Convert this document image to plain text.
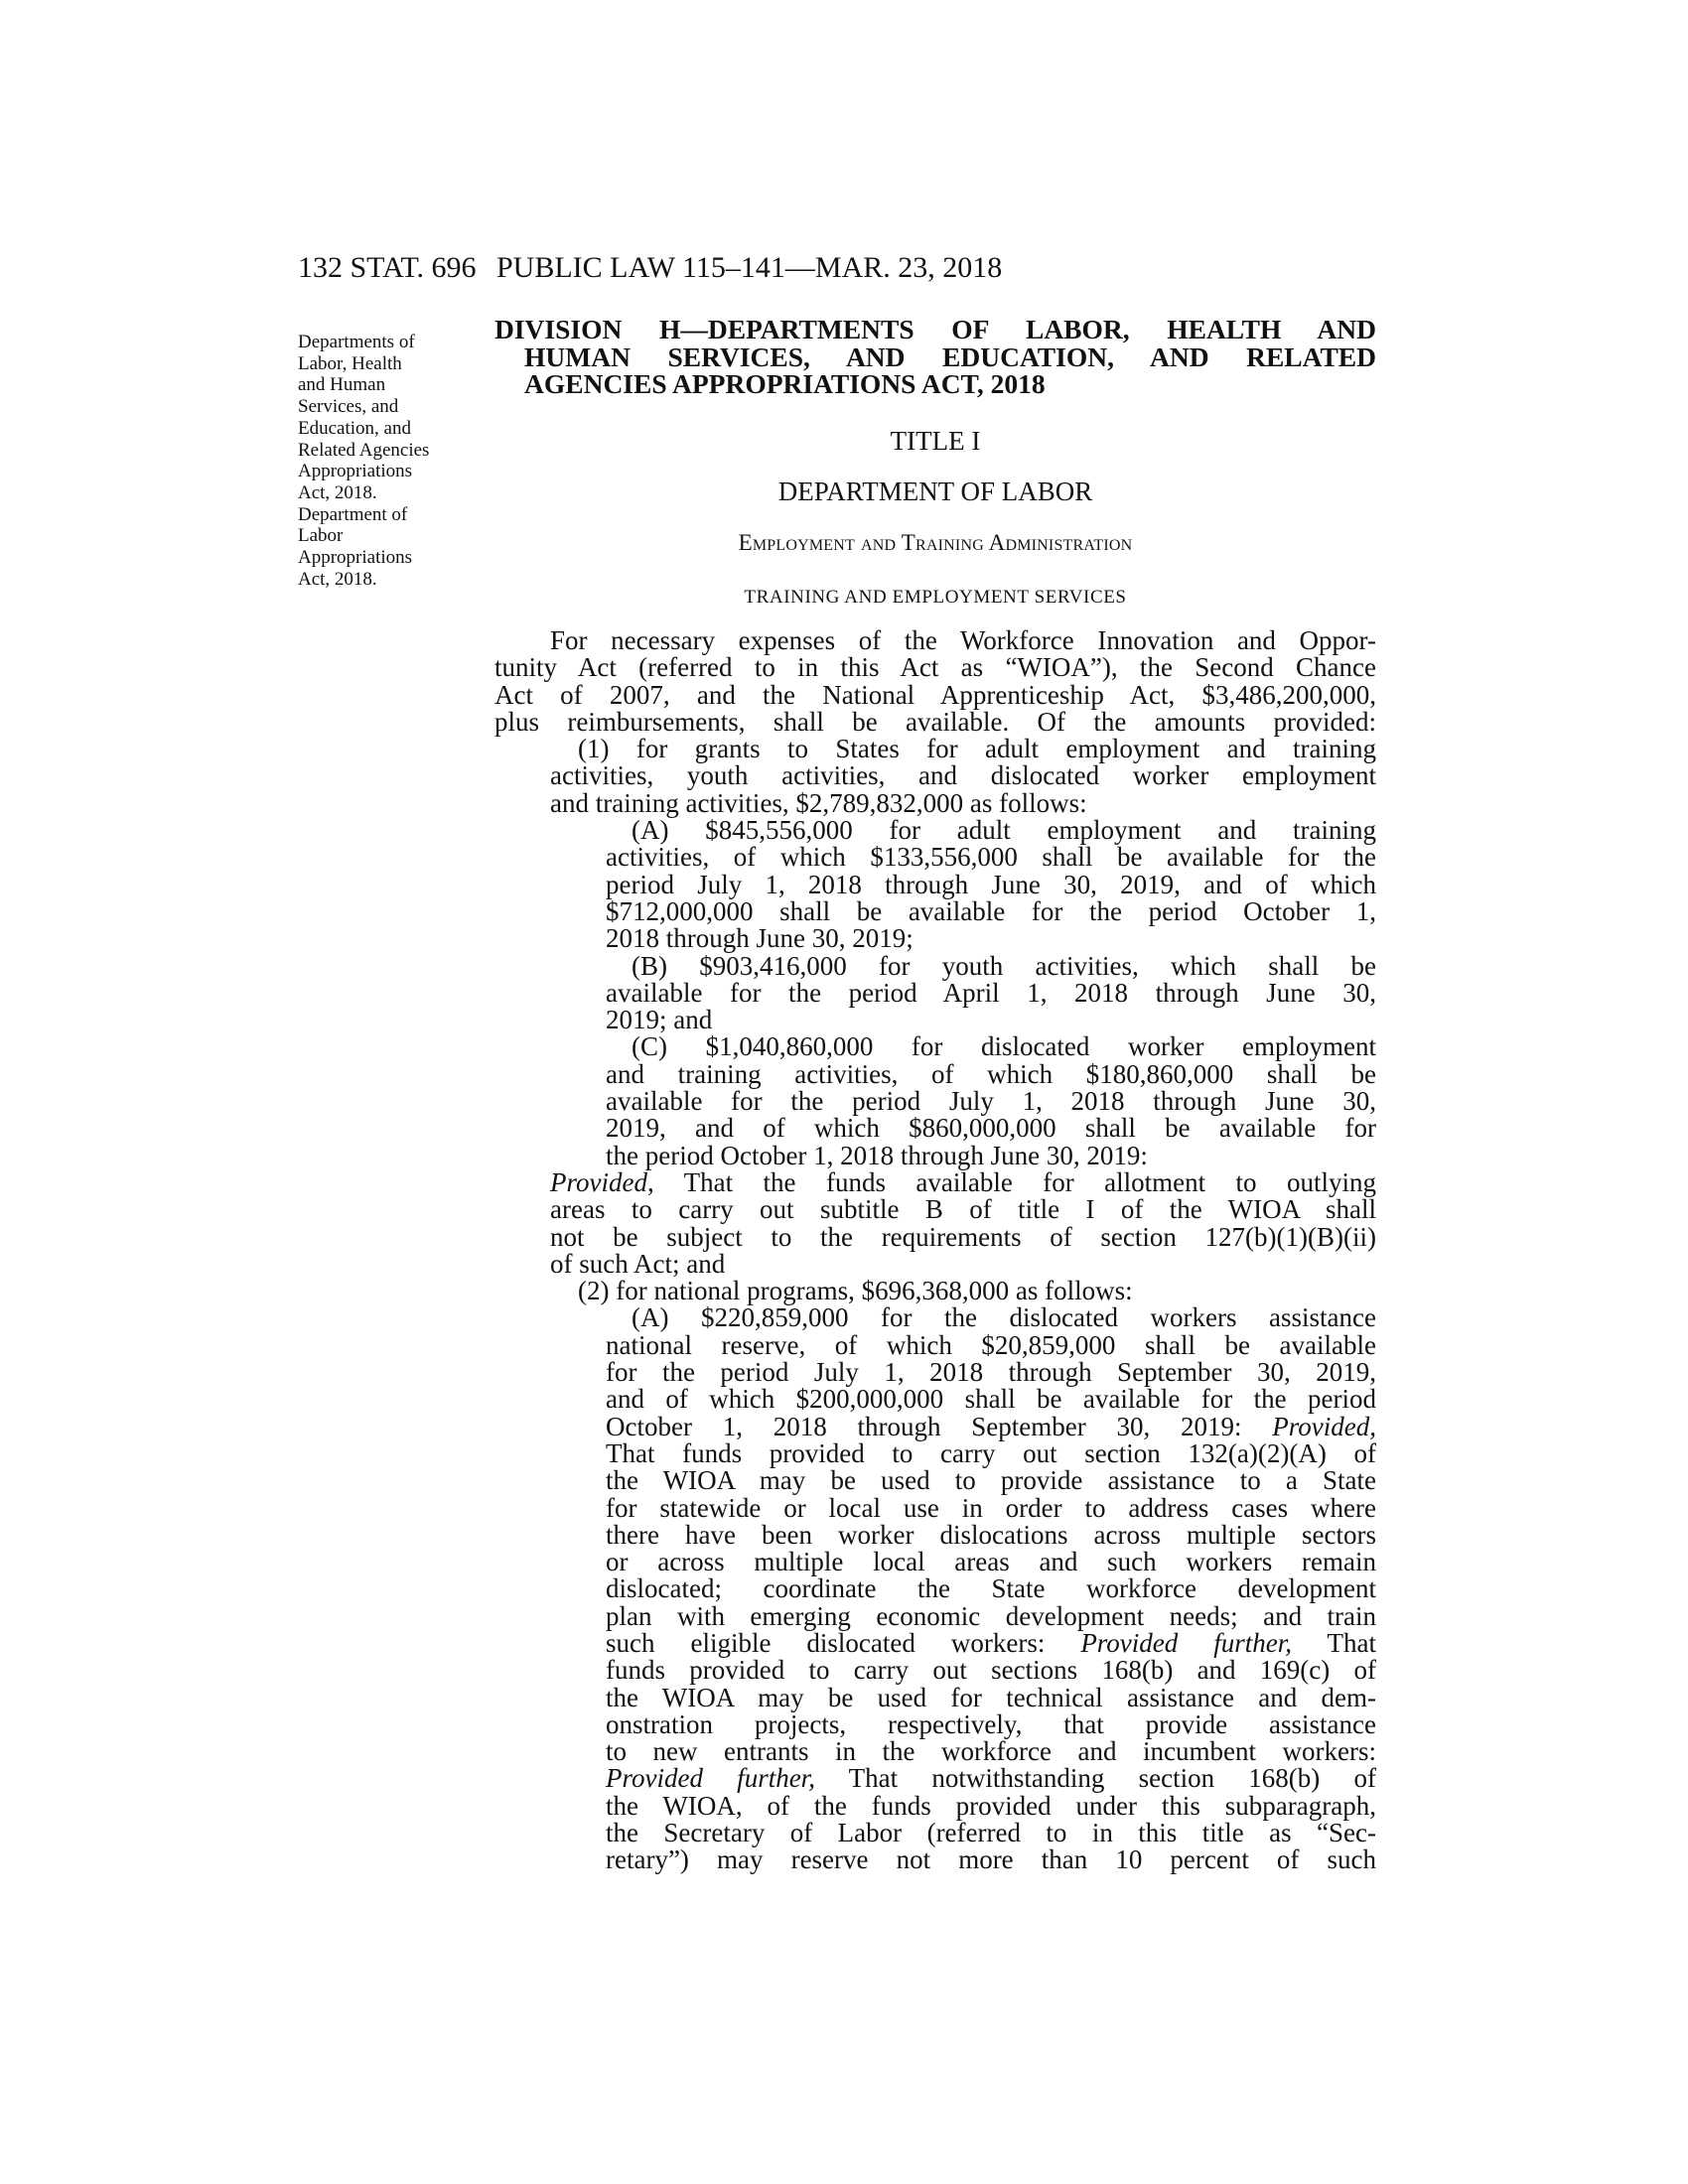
132 STAT. 696 PUBLIC LAW 115–141—MAR. 23, 2018
Departments of
Labor, Health
and Human
Services, and
Education, and
Related Agencies
Appropriations
Act, 2018.
Department of
Labor
Appropriations
Act, 2018.
DIVISION H—DEPARTMENTS OF LABOR, HEALTH AND
HUMAN SERVICES, AND EDUCATION, AND RELATED
AGENCIES APPROPRIATIONS ACT, 2018
TITLE I
DEPARTMENT OF LABOR
Employment and Training Administration
TRAINING AND EMPLOYMENT SERVICES
For necessary expenses of the Workforce Innovation and Oppor-
tunity Act (referred to in this Act as “WIOA”), the Second Chance
Act of 2007, and the National Apprenticeship Act, $3,486,200,000,
plus reimbursements, shall be available. Of the amounts provided:
(1) for grants to States for adult employment and training
activities, youth activities, and dislocated worker employment
and training activities, $2,789,832,000 as follows:
(A) $845,556,000 for adult employment and training
activities, of which $133,556,000 shall be available for the
period July 1, 2018 through June 30, 2019, and of which
$712,000,000 shall be available for the period October 1,
2018 through June 30, 2019;
(B) $903,416,000 for youth activities, which shall be
available for the period April 1, 2018 through June 30,
2019; and
(C) $1,040,860,000 for dislocated worker employment
and training activities, of which $180,860,000 shall be
available for the period July 1, 2018 through June 30,
2019, and of which $860,000,000 shall be available for
the period October 1, 2018 through June 30, 2019:
Provided, That the funds available for allotment to outlying
areas to carry out subtitle B of title I of the WIOA shall
not be subject to the requirements of section 127(b)(1)(B)(ii)
of such Act; and
(2) for national programs, $696,368,000 as follows:
(A) $220,859,000 for the dislocated workers assistance
national reserve, of which $20,859,000 shall be available
for the period July 1, 2018 through September 30, 2019,
and of which $200,000,000 shall be available for the period
October 1, 2018 through September 30, 2019: Provided,
That funds provided to carry out section 132(a)(2)(A) of
the WIOA may be used to provide assistance to a State
for statewide or local use in order to address cases where
there have been worker dislocations across multiple sectors
or across multiple local areas and such workers remain
dislocated; coordinate the State workforce development
plan with emerging economic development needs; and train
such eligible dislocated workers: Provided further, That
funds provided to carry out sections 168(b) and 169(c) of
the WIOA may be used for technical assistance and dem-
onstration projects, respectively, that provide assistance
to new entrants in the workforce and incumbent workers:
Provided further, That notwithstanding section 168(b) of
the WIOA, of the funds provided under this subparagraph,
the Secretary of Labor (referred to in this title as “Sec-
retary”) may reserve not more than 10 percent of such
